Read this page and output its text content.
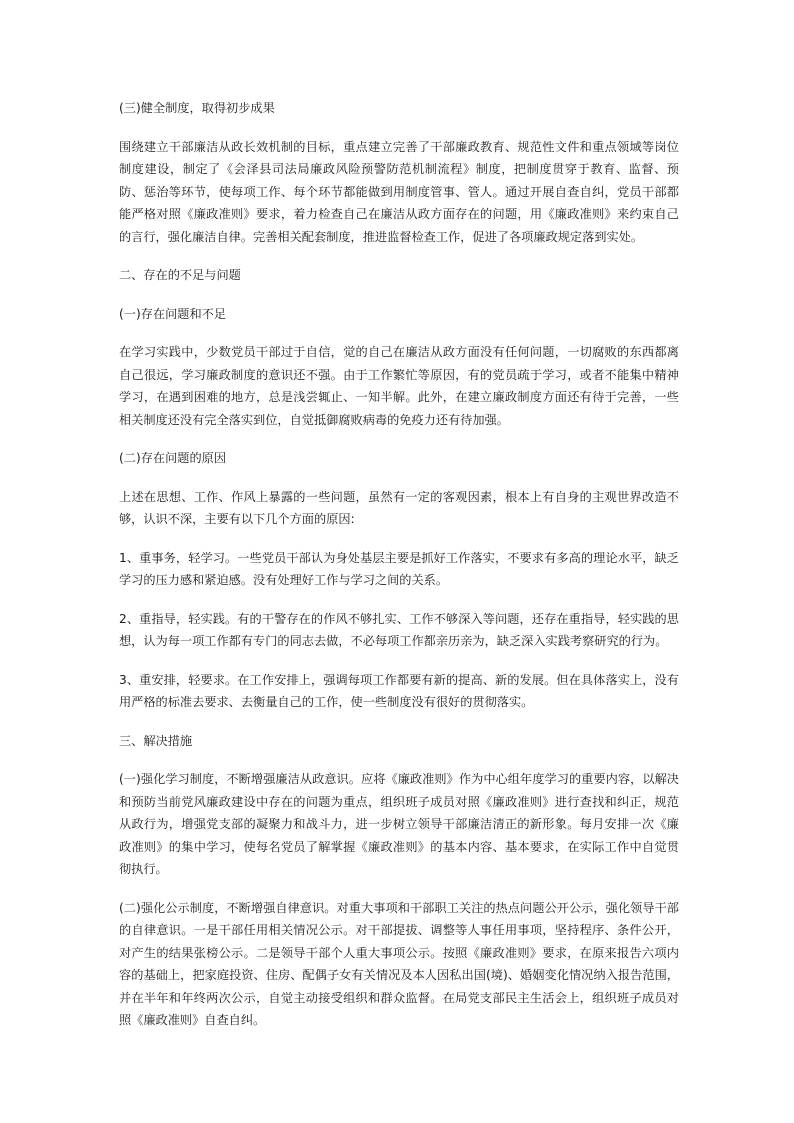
(三)健全制度，取得初步成果

围绕建立干部廉洁从政长效机制的目标，重点建立完善了干部廉政教育、规范性文件和重点领域等岗位制度建设，制定了《会泽县司法局廉政风险预警防范机制流程》制度，把制度贯穿于教育、监督、预防、惩治等环节，使每项工作、每个环节都能做到用制度管事、管人。通过开展自查自纠，党员干部都能严格对照《廉政准则》要求，着力检查自己在廉洁从政方面存在的问题，用《廉政准则》来约束自己的言行，强化廉洁自律。完善相关配套制度，推进监督检查工作，促进了各项廉政规定落到实处。

二、存在的不足与问题

(一)存在问题和不足

在学习实践中，少数党员干部过于自信，觉的自己在廉洁从政方面没有任何问题，一切腐败的东西都离自己很远，学习廉政制度的意识还不强。由于工作繁忙等原因，有的党员疏于学习，或者不能集中精神学习，在遇到困难的地方，总是浅尝辄止、一知半解。此外，在建立廉政制度方面还有待于完善，一些相关制度还没有完全落实到位，自觉抵御腐败病毒的免疫力还有待加强。

(二)存在问题的原因

上述在思想、工作、作风上暴露的一些问题，虽然有一定的客观因素，根本上有自身的主观世界改造不够，认识不深，主要有以下几个方面的原因:

1、重事务，轻学习。一些党员干部认为身处基层主要是抓好工作落实，不要求有多高的理论水平，缺乏学习的压力感和紧迫感。没有处理好工作与学习之间的关系。

2、重指导，轻实践。有的干警存在的作风不够扎实、工作不够深入等问题，还存在重指导，轻实践的思想，认为每一项工作都有专门的同志去做，不必每项工作都亲历亲为，缺乏深入实践考察研究的行为。

3、重安排，轻要求。在工作安排上，强调每项工作都要有新的提高、新的发展。但在具体落实上，没有用严格的标准去要求、去衡量自己的工作，使一些制度没有很好的贯彻落实。

三、解决措施

(一)强化学习制度，不断增强廉洁从政意识。应将《廉政准则》作为中心组年度学习的重要内容，以解决和预防当前党风廉政建设中存在的问题为重点，组织班子成员对照《廉政准则》进行查找和纠正，规范从政行为，增强党支部的凝聚力和战斗力，进一步树立领导干部廉洁清正的新形象。每月安排一次《廉政准则》的集中学习，使每名党员了解掌握《廉政准则》的基本内容、基本要求，在实际工作中自觉贯彻执行。

(二)强化公示制度，不断增强自律意识。对重大事项和干部职工关注的热点问题公开公示，强化领导干部的自律意识。一是干部任用相关情况公示。对干部提拔、调整等人事任用事项，坚持程序、条件公开，对产生的结果张榜公示。二是领导干部个人重大事项公示。按照《廉政准则》要求，在原来报告六项内容的基础上，把家庭投资、住房、配偶子女有关情况及本人因私出国(境)、婚姻变化情况纳入报告范围，并在半年和年终两次公示，自觉主动接受组织和群众监督。在局党支部民主生活会上，组织班子成员对照《廉政准则》自查自纠。
